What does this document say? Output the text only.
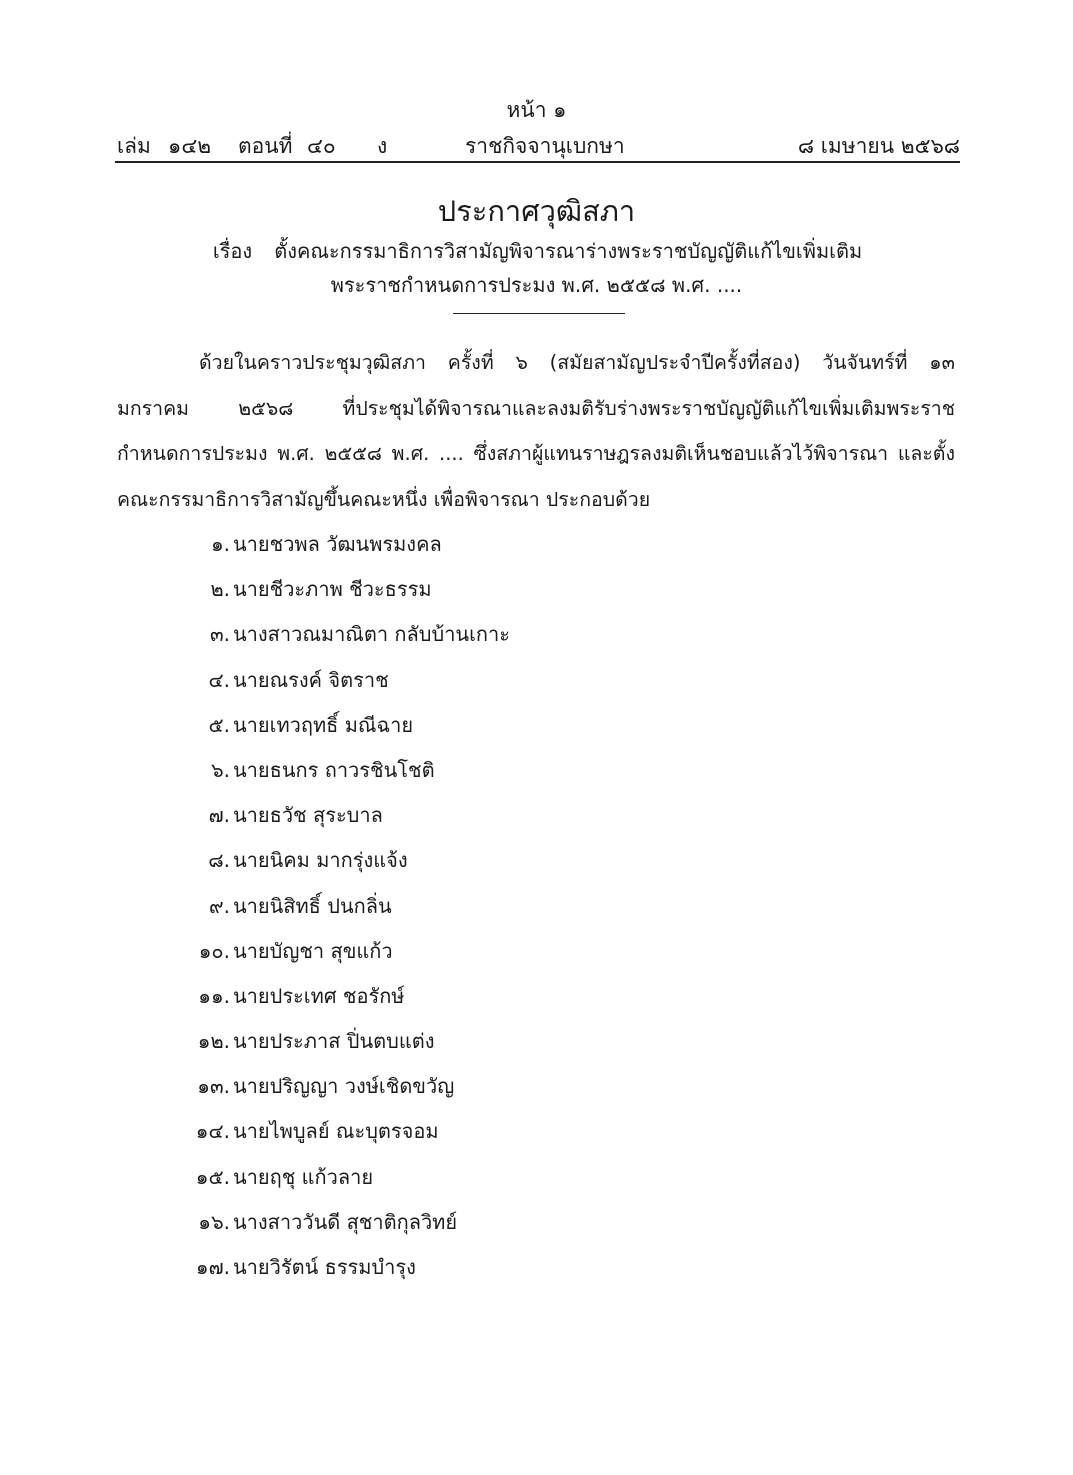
หน้า ๑
เล่ม ๑๔๒ ตอนที่ ๔๐ ง	ราชกิจจานุเบกษา	๘ เมษายน ๒๕๖๘
ประกาศวุฒิสภา
เรื่อง ตั้งคณะกรรมาธิการวิสามัญพิจารณาร่างพระราชบัญญัติแก้ไขเพิ่มเติม
พระราชกำหนดการประมง พ.ศ. ๒๕๕๘ พ.ศ. ....

ด้วยในคราวประชุมวุฒิสภา ครั้งที่ ๖ (สมัยสามัญประจำปีครั้งที่สอง) วันจันทร์ที่ ๑๓ มกราคม ๒๕๖๘ ที่ประชุมได้พิจารณาและลงมติรับร่างพระราชบัญญัติแก้ไขเพิ่มเติมพระราชกำหนดการประมง พ.ศ. ๒๕๕๘ พ.ศ. .... ซึ่งสภาผู้แทนราษฎรลงมติเห็นชอบแล้วไว้พิจารณา และตั้งคณะกรรมาธิการวิสามัญขึ้นคณะหนึ่ง เพื่อพิจารณา ประกอบด้วย

๑. นายชวพล วัฒนพรมงคล
๒. นายชีวะภาพ ชีวะธรรม
๓. นางสาวณมาณิตา กลับบ้านเกาะ
๔. นายณรงค์ จิตราช
๕. นายเทวฤทธิ์ มณีฉาย
๖. นายธนกร ถาวรชินโชติ
๗. นายธวัช สุระบาล
๘. นายนิคม มากรุ่งแจ้ง
๙. นายนิสิทธิ์ ปนกลิ่น
๑๐. นายบัญชา สุขแก้ว
๑๑. นายประเทศ ชอรักษ์
๑๒. นายประภาส ปิ่นตบแต่ง
๑๓. นายปริญญา วงษ์เชิดขวัญ
๑๔. นายไพบูลย์ ณะบุตรจอม
๑๕. นายฤชุ แก้วลาย
๑๖. นางสาววันดี สุชาติกุลวิทย์
๑๗. นายวิรัตน์ ธรรมบำรุง
